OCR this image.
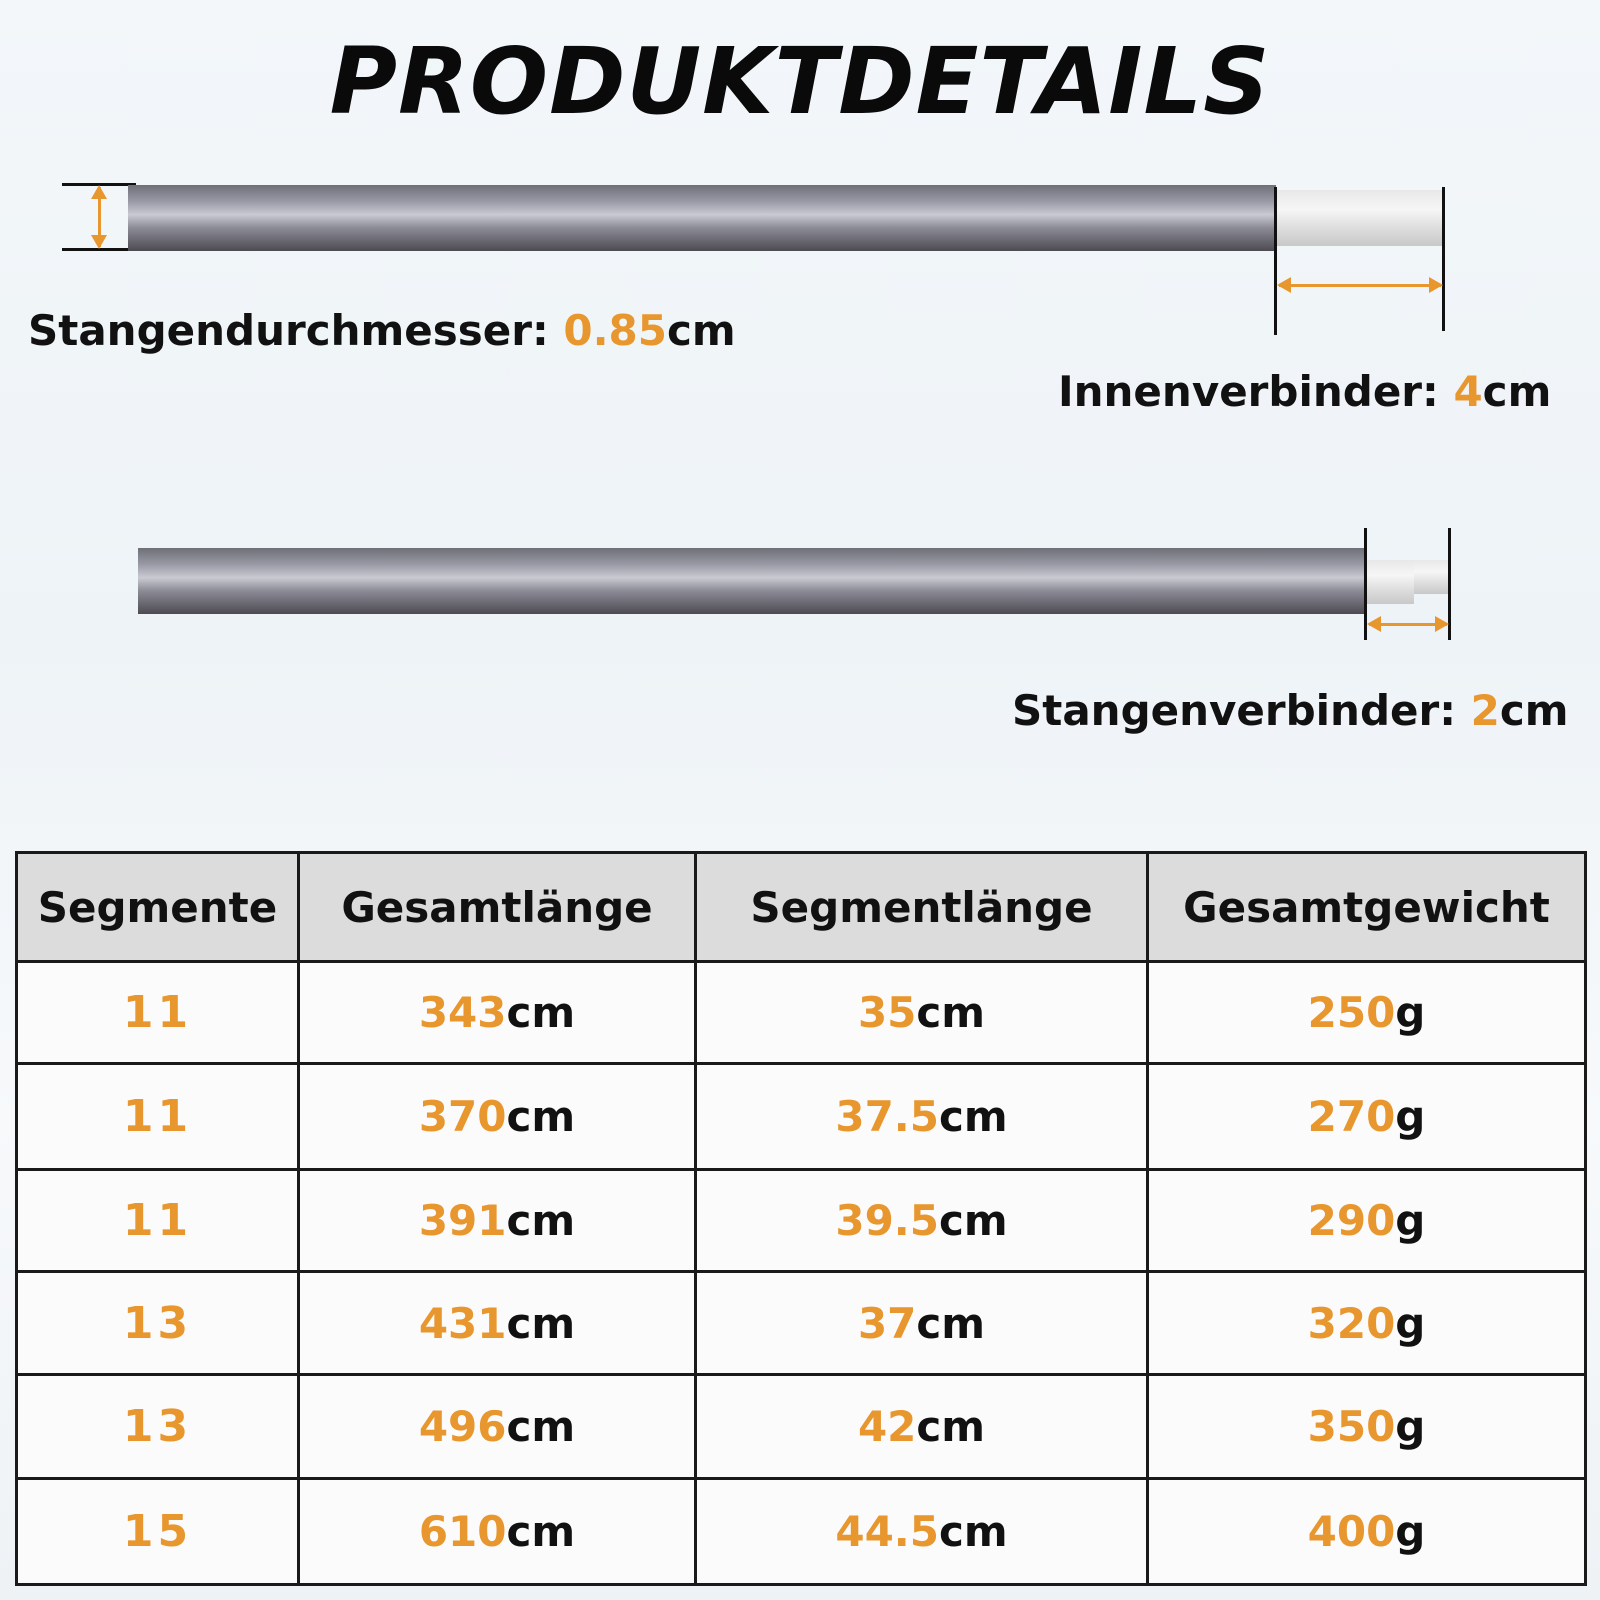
PRODUKTDETAILS
Stangendurchmesser: 0.85cm
Innenverbinder: 4cm
Stangenverbinder: 2cm
Segmente	Gesamtlänge	Segmentlänge	Gesamtgewicht
11	343cm	35cm	250g
11	370cm	37.5cm	270g
11	391cm	39.5cm	290g
13	431cm	37cm	320g
13	496cm	42cm	350g
15	610cm	44.5cm	400g
